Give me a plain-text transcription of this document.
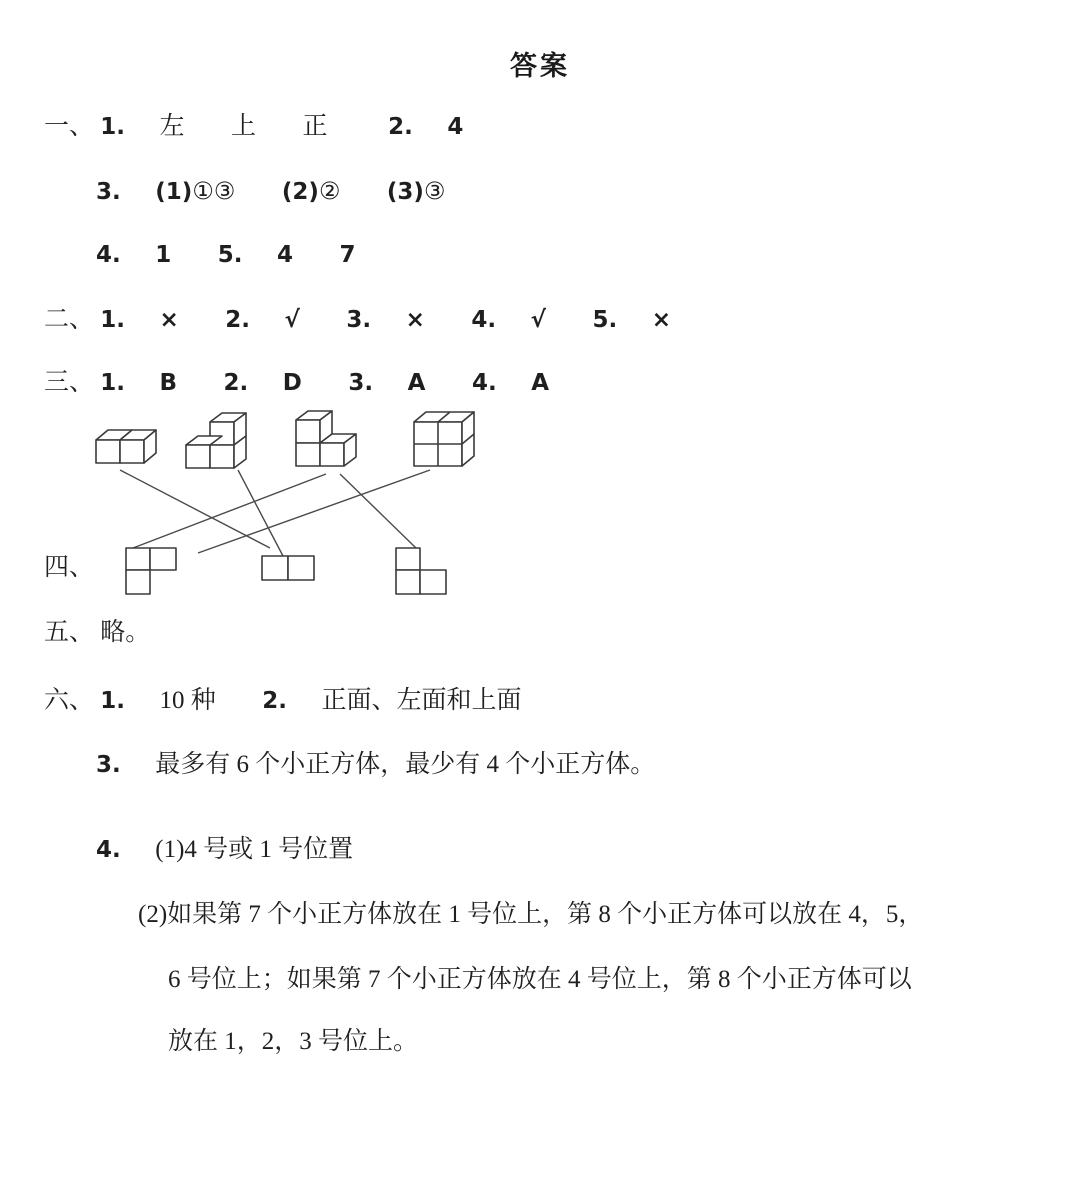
答案
一、 1. 左 上 正	2. 4
3. (1)①③ (2)② (3)③
4. 1 5. 4 7
二、 1. × 2. √ 3. × 4. √ 5. ×
三、 1. B 2. D 3. A 4. A
四、
五、 略。
六、 1. 10 种 2. 正面、左面和上面
3. 最多有 6 个小正方体，最少有 4 个小正方体。
4. (1)4 号或 1 号位置
(2)如果第 7 个小正方体放在 1 号位上，第 8 个小正方体可以放在 4，5，
6 号位上；如果第 7 个小正方体放在 4 号位上，第 8 个小正方体可以
放在 1，2，3 号位上。
